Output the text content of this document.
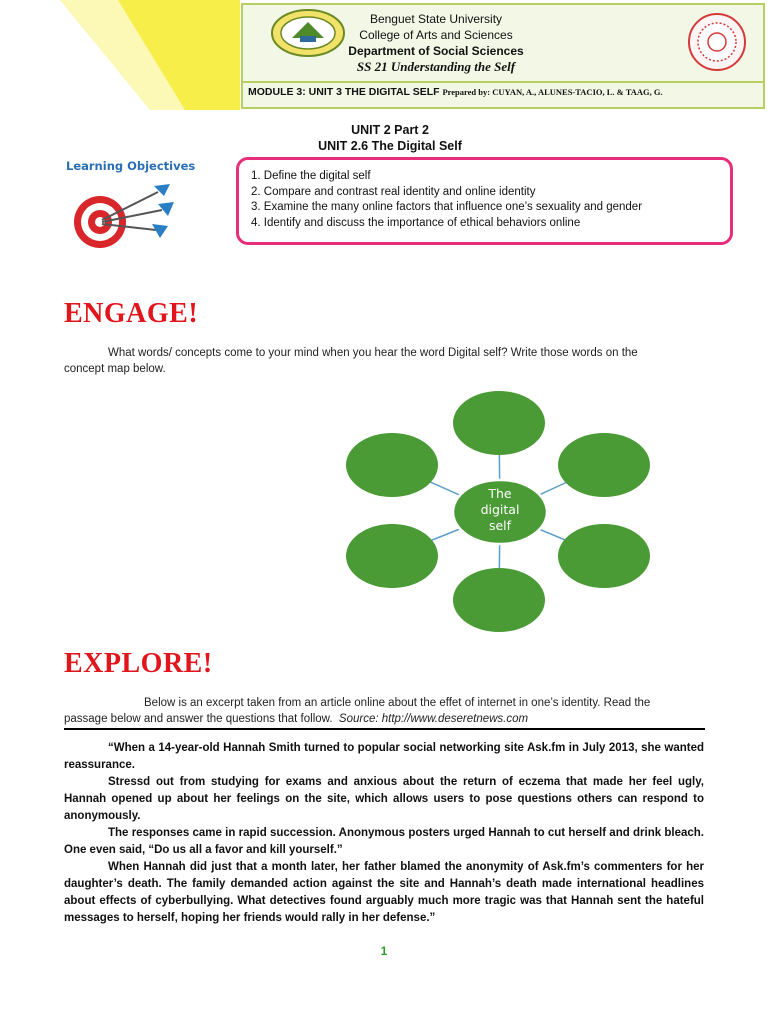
Benguet State University
College of Arts and Sciences
Department of Social Sciences
SS 21 Understanding the Self
MODULE 3: UNIT 3 THE DIGITAL SELF Prepared by: CUYAN, A., ALUNES-TACIO, L. & TAAG, G.
UNIT 2 Part 2
UNIT 2.6 The Digital Self
Learning Objectives
1. Define the digital self
2. Compare and contrast real identity and online identity
3. Examine the many online factors that influence one’s sexuality and gender
4. Identify and discuss the importance of ethical behaviors online
ENGAGE!
What words/ concepts come to your mind when you hear the word Digital self? Write those words on the
concept map below.
The
digital
self
EXPLORE!
Below is an excerpt taken from an article online about the effet of internet in one’s identity. Read the
passage below and answer the questions that follow. Source: http://www.deseretnews.com

“When a 14-year-old Hannah Smith turned to popular social networking site Ask.fm in July 2013, she wanted reassurance.

Stressd out from studying for exams and anxious about the return of eczema that made her feel ugly, Hannah opened up about her feelings on the site, which allows users to pose questions others can respond to anonymously.

The responses came in rapid succession. Anonymous posters urged Hannah to cut herself and drink bleach. One even said, “Do us all a favor and kill yourself.”

When Hannah did just that a month later, her father blamed the anonymity of Ask.fm’s commenters for her daughter’s death. The family demanded action against the site and Hannah’s death made international headlines about effects of cyberbullying. What detectives found arguably much more tragic was that Hannah sent the hateful messages to herself, hoping her friends would rally in her defense.”

1
